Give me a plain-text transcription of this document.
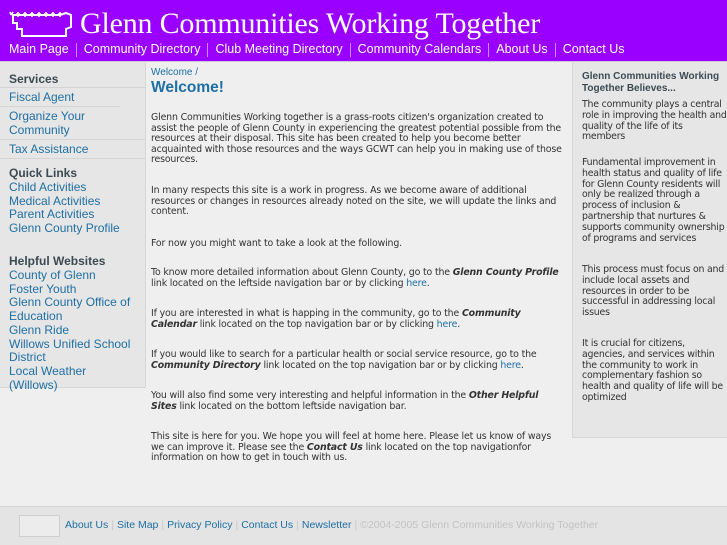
Glenn Communities Working Together
Main Page Community Directory Club Meeting Directory Community Calendars About Us Contact Us
Services
Fiscal Agent
Organize Your Community
Tax Assistance
Quick Links
Child Activities
Medical Activities
Parent Activities
Glenn County Profile
Helpful Websites
County of Glenn
Foster Youth
Glenn County Office of Education
Glenn Ride
Willows Unified School District
Local Weather (Willows)
Welcome /
Welcome!

Glenn Communities Working together is a grass-roots citizen's organization created to assist the people of Glenn County in experiencing the greatest potential possible from the resources at their disposal. This site has been created to help you become better acquainted with those resources and the ways GCWT can help you in making use of those resources.

In many respects this site is a work in progress. As we become aware of additional resources or changes in resources already noted on the site, we will update the links and content.

For now you might want to take a look at the following.

To know more detailed information about Glenn County, go to the Glenn County Profile link located on the leftside navigation bar or by clicking here.

If you are interested in what is happing in the community, go to the Community Calendar link located on the top navigation bar or by clicking here.

If you would like to search for a particular health or social service resource, go to the Community Directory link located on the top navigation bar or by clicking here.

You will also find some very interesting and helpful information in the Other Helpful Sites link located on the bottom leftside navigation bar.

This site is here for you. We hope you will feel at home here. Please let us know of ways we can improve it. Please see the Contact Us link located on the top navigationfor information on how to get in touch with us.

Glenn Communities Working Together Believes...

The community plays a central role in improving the health and quality of the life of its members

Fundamental improvement in health status and quality of life for Glenn County residents will only be realized through a process of inclusion & partnership that nurtures & supports community ownership of programs and services

This process must focus on and include local assets and resources in order to be successful in addressing local issues

It is crucial for citizens, agencies, and services within the community to work in complementary fashion so health and quality of life will be optimized

About Us | Site Map | Privacy Policy | Contact Us | Newsletter | ©2004-2005 Glenn Communities Working Together
